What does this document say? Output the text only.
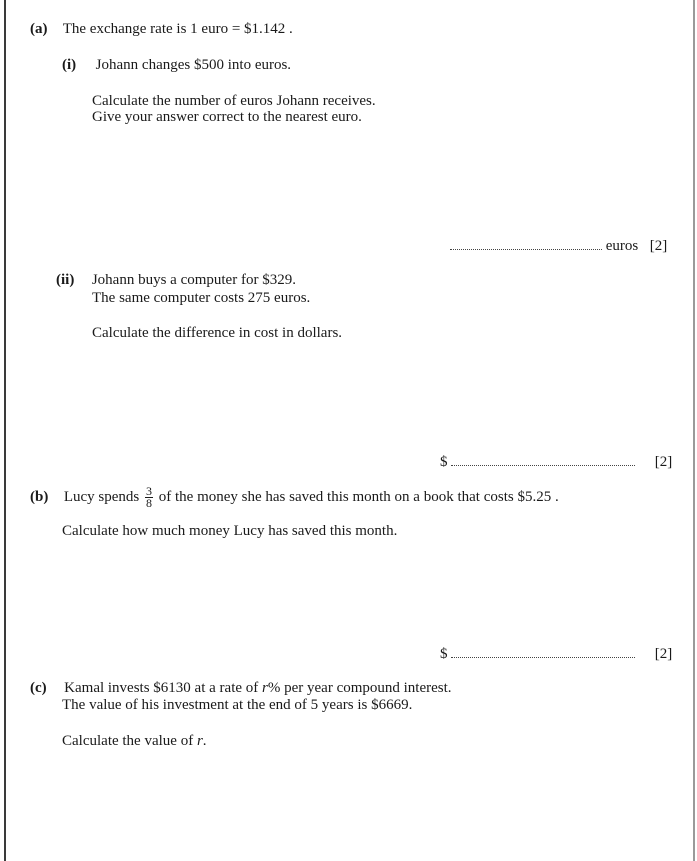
(a) The exchange rate is 1 euro = $1.142 .
(i) Johann changes $500 into euros.
Calculate the number of euros Johann receives.
Give your answer correct to the nearest euro.
euros [2]
(ii) Johann buys a computer for $329.
The same computer costs 275 euros.
Calculate the difference in cost in dollars.
$	[2]
(b) Lucy spends $\frac{3}{8}$ of the money she has saved this month on a book that costs $5.25 .
Calculate how much money Lucy has saved this month.
$	[2]
(c) Kamal invests $6130 at a rate of r% per year compound interest.
The value of his investment at the end of 5 years is $6669.
Calculate the value of r.
